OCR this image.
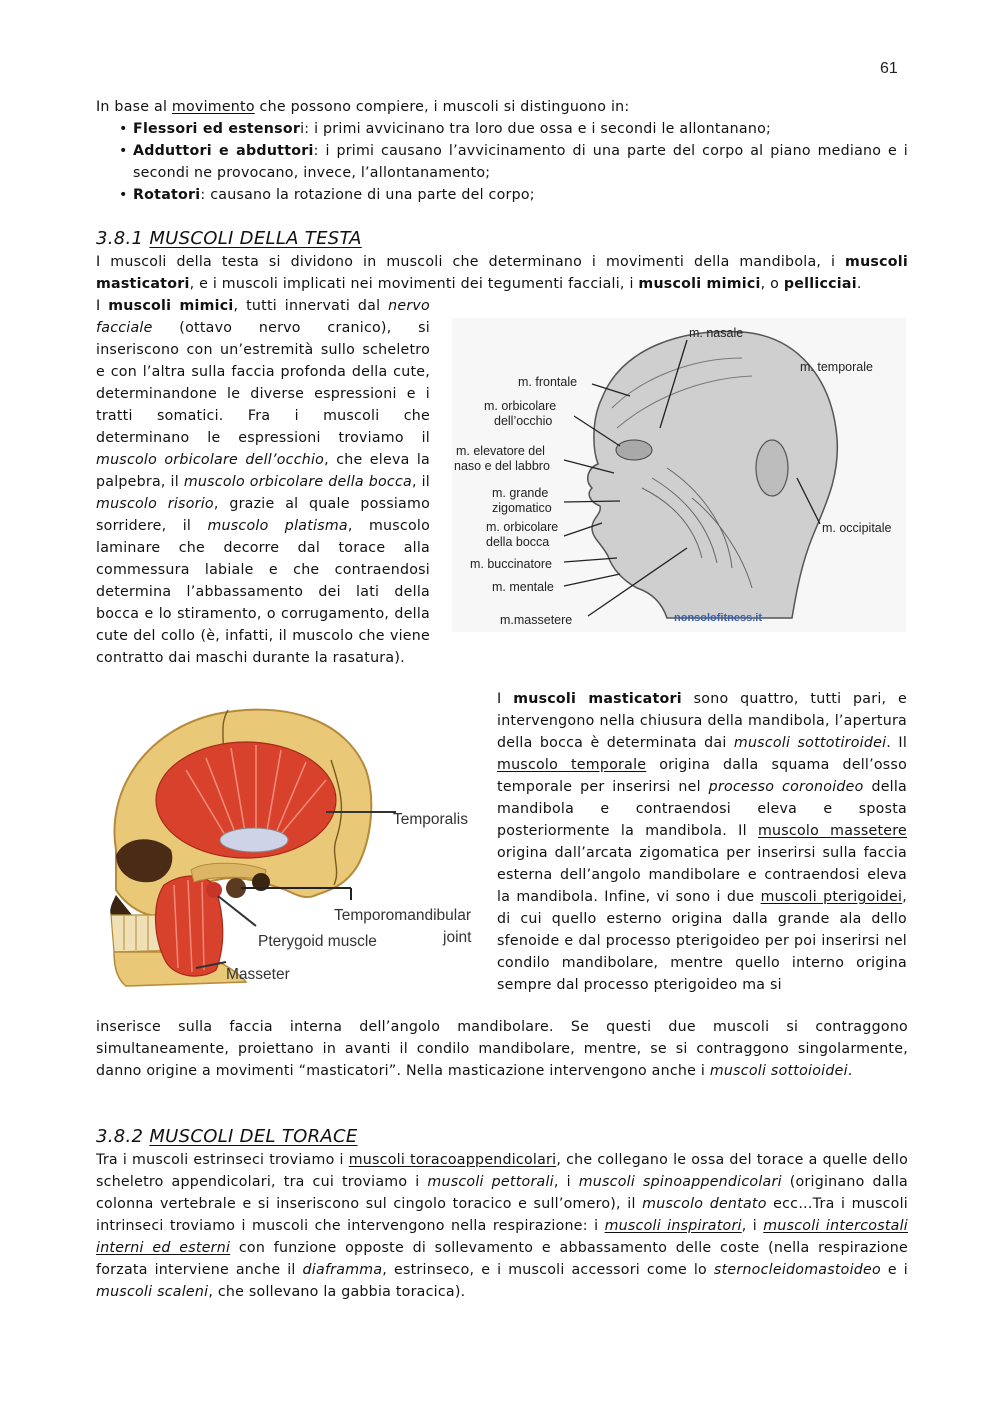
61
In base al movimento che possono compiere, i muscoli si distinguono in:
• Flessori ed estensori: i primi avvicinano tra loro due ossa e i secondi le allontanano;
• Adduttori e abduttori: i primi causano l’avvicinamento di una parte del corpo al piano mediano e i secondi ne provocano, invece, l’allontanamento;
• Rotatori: causano la rotazione di una parte del corpo;
3.8.1 MUSCOLI DELLA TESTA
I muscoli della testa si dividono in muscoli che determinano i movimenti della mandibola, i muscoli masticatori, e i muscoli implicati nei movimenti dei tegumenti facciali, i muscoli mimici, o pellicciai.
I muscoli mimici, tutti innervati dal nervo facciale (ottavo nervo cranico), si inseriscono con un’estremità sullo scheletro e con l’altra sulla faccia profonda della cute, determinandone le diverse espressioni e i tratti somatici. Fra i muscoli che determinano le espressioni troviamo il muscolo orbicolare dell’occhio, che eleva la palpebra, il muscolo orbicolare della bocca, il muscolo risorio, grazie al quale possiamo sorridere, il muscolo platisma, muscolo laminare che decorre dal torace alla commessura labiale e che contraendosi determina l’abbassamento dei lati della bocca e lo stiramento, o corrugamento, della cute del collo (è, infatti, il muscolo che viene contratto dai maschi durante la rasatura).
m. nasale
m. temporale
m. frontale
m. orbicolare
dell’occhio
m. elevatore del
naso e del labbro
m. grande
zigomatico
m. orbicolare
della bocca
m. buccinatore
m. mentale
m.massetere
m. occipitale
nonsolofitness.it
Temporalis
Temporomandibular
joint
Pterygoid muscle
Masseter
I muscoli masticatori sono quattro, tutti pari, e intervengono nella chiusura della mandibola, l’apertura della bocca è determinata dai muscoli sottotiroidei. Il muscolo temporale origina dalla squama dell’osso temporale per inserirsi nel processo coronoideo della mandibola e contraendosi eleva e sposta posteriormente la mandibola. Il muscolo massetere origina dall’arcata zigomatica per inserirsi sulla faccia esterna dell’angolo mandibolare e contraendosi eleva la mandibola. Infine, vi sono i due muscoli pterigoidei, di cui quello esterno origina dalla grande ala dello sfenoide e dal processo pterigoideo per poi inserirsi nel condilo mandibolare, mentre quello interno origina sempre dal processo pterigoideo ma si
inserisce sulla faccia interna dell’angolo mandibolare. Se questi due muscoli si contraggono simultaneamente, proiettano in avanti il condilo mandibolare, mentre, se si contraggono singolarmente, danno origine a movimenti “masticatori”. Nella masticazione intervengono anche i muscoli sottoioidei.
3.8.2 MUSCOLI DEL TORACE
Tra i muscoli estrinseci troviamo i muscoli toracoappendicolari, che collegano le ossa del torace a quelle dello scheletro appendicolari, tra cui troviamo i muscoli pettorali, i muscoli spinoappendicolari (originano dalla colonna vertebrale e si inseriscono sul cingolo toracico e sull’omero), il muscolo dentato ecc…Tra i muscoli intrinseci troviamo i muscoli che intervengono nella respirazione: i muscoli inspiratori, i muscoli intercostali interni ed esterni con funzione opposte di sollevamento e abbassamento delle coste (nella respirazione forzata interviene anche il diaframma, estrinseco, e i muscoli accessori come lo sternocleidomastoideo e i muscoli scaleni, che sollevano la gabbia toracica).
